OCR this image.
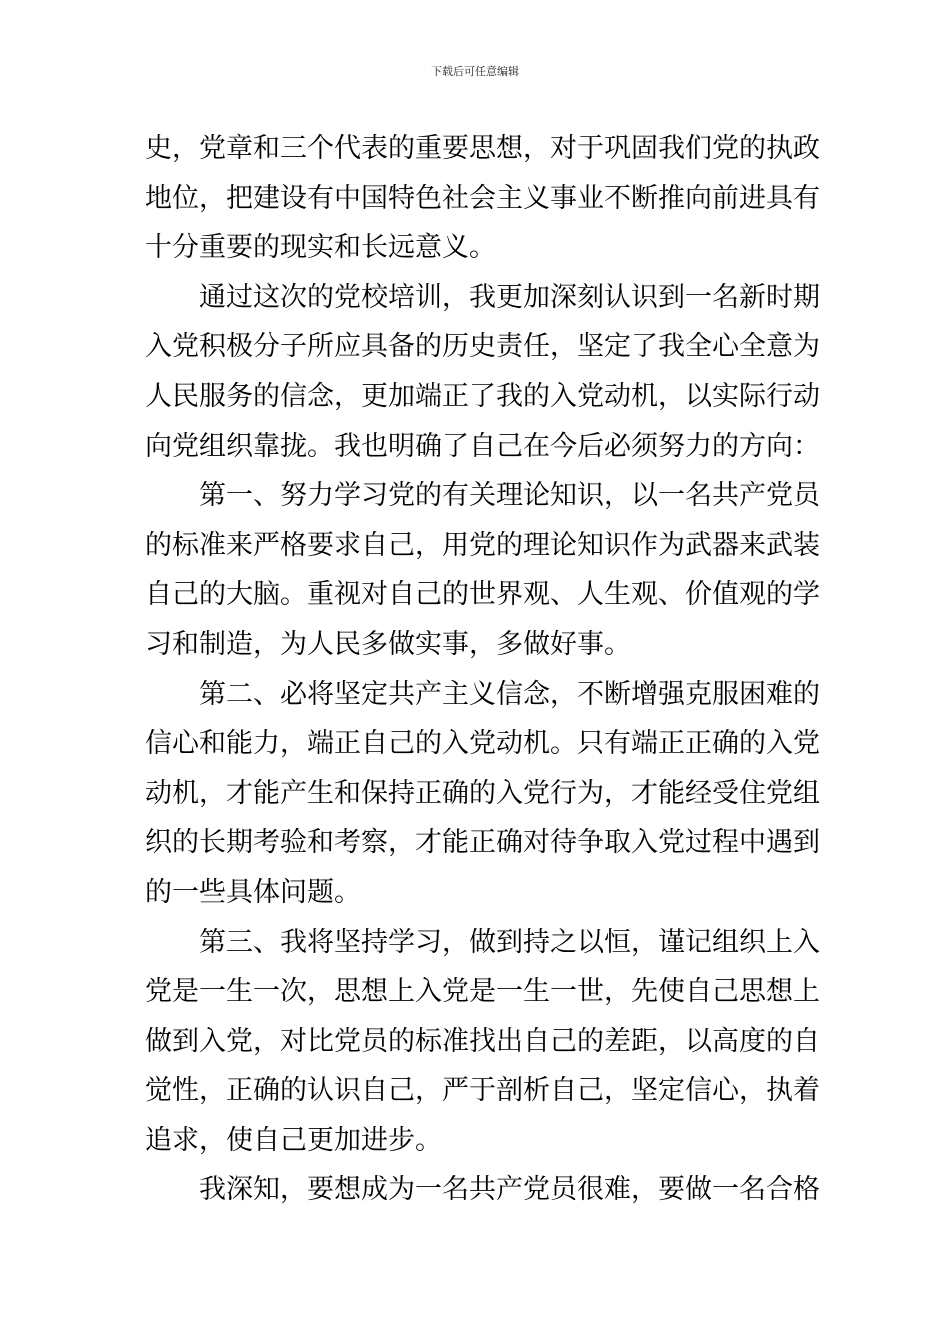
下载后可任意编辑
史，党章和三个代表的重要思想，对于巩固我们党的执政
地位，把建设有中国特色社会主义事业不断推向前进具有
十分重要的现实和长远意义。
通过这次的党校培训，我更加深刻认识到一名新时期
入党积极分子所应具备的历史责任，坚定了我全心全意为
人民服务的信念，更加端正了我的入党动机，以实际行动
向党组织靠拢。我也明确了自己在今后必须努力的方向：
第一、努力学习党的有关理论知识，以一名共产党员
的标准来严格要求自己，用党的理论知识作为武器来武装
自己的大脑。重视对自己的世界观、人生观、价值观的学
习和制造，为人民多做实事，多做好事。
第二、必将坚定共产主义信念，不断增强克服困难的
信心和能力，端正自己的入党动机。只有端正正确的入党
动机，才能产生和保持正确的入党行为，才能经受住党组
织的长期考验和考察，才能正确对待争取入党过程中遇到
的一些具体问题。
第三、我将坚持学习，做到持之以恒，谨记组织上入
党是一生一次，思想上入党是一生一世，先使自己思想上
做到入党，对比党员的标准找出自己的差距，以高度的自
觉性，正确的认识自己，严于剖析自己，坚定信心，执着
追求，使自己更加进步。
我深知，要想成为一名共产党员很难，要做一名合格
